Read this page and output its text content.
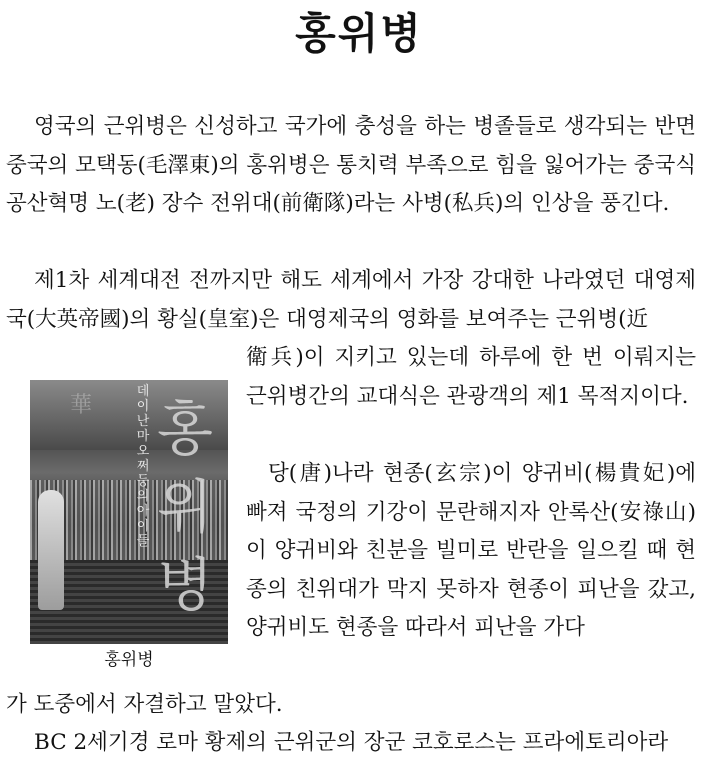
홍위병

영국의 근위병은 신성하고 국가에 충성을 하는 병졸들로 생각되는 반면 중국의 모택동(毛澤東)의 홍위병은 통치력 부족으로 힘을 잃어가는 중국식 공산혁명 노(老) 장수 전위대(前衛隊)라는 사병(私兵)의 인상을 풍긴다.

제1차 세계대전 전까지만 해도 세계에서 가장 강대한 나라였던 대영제국(大英帝國)의 황실(皇室)은 대영제국의 영화를 보여주는 근위병(近

衛兵)이 지키고 있는데 하루에 한 번 이뤄지는 근위병간의 교대식은 관광객의 제1 목적지이다.

당(唐)나라 현종(玄宗)이 양귀비(楊貴妃)에 빠져 국정의 기강이 문란해지자 안록산(安祿山)이 양귀비와 친분을 빌미로 반란을 일으킬 때 현종의 친위대가 막지 못하자 현종이 피난을 갔고, 양귀비도 현종을 따라서 피난을 가다

가 도중에서 자결하고 말았다.

BC 2세기경 로마 황제의 근위군의 장군 코호로스는 프라에토리아라

華
데이난 마오쩌둥의 아이들
홍위병
홍위병
